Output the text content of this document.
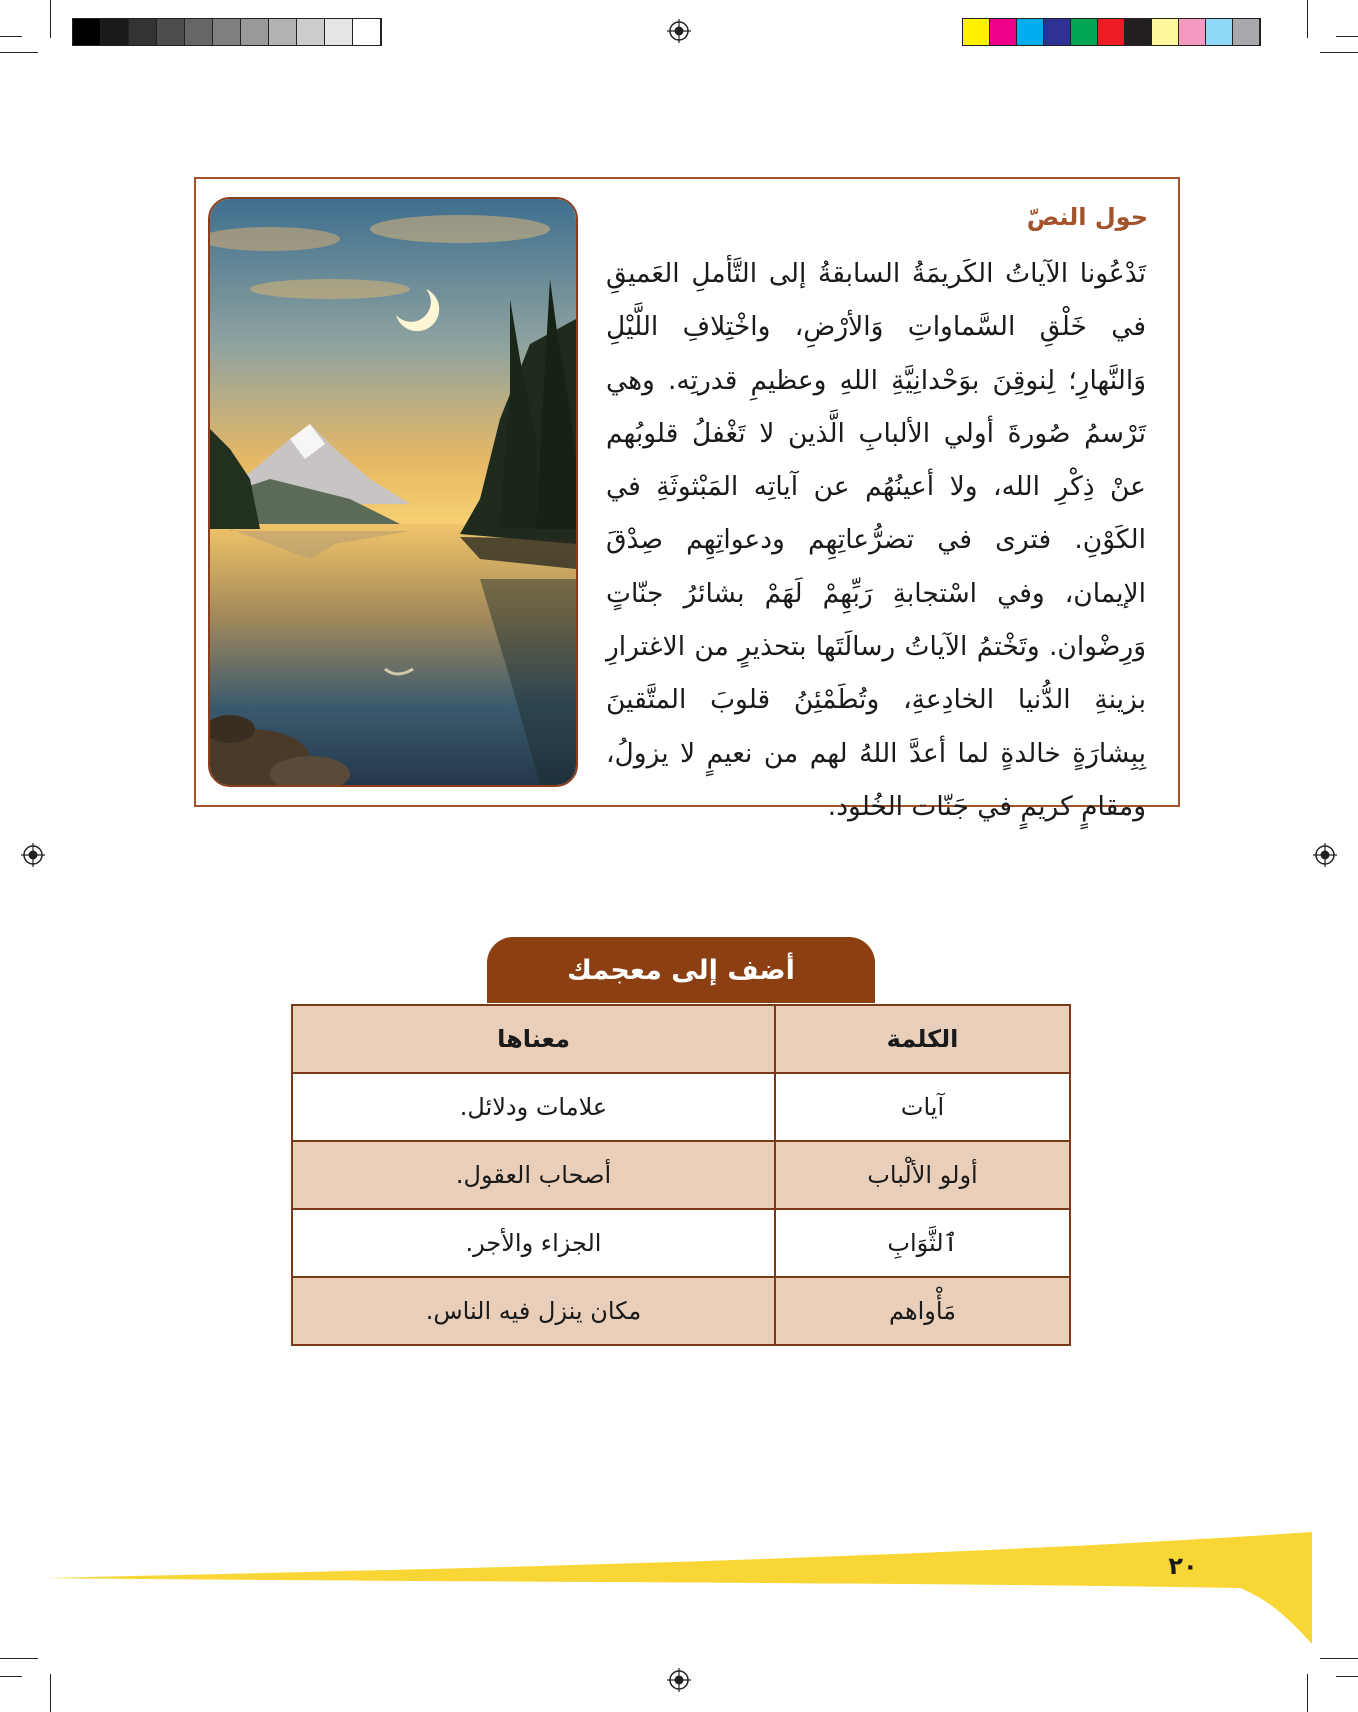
حول النصّ
تَدْعُونا الآياتُ الكَريمَةُ السابقةُ إلى التَّأملِ العَميقِ في خَلْقِ السَّماواتِ وَالأرْضِ، واخْتِلافِ اللَّيْلِ وَالنَّهارِ؛ لِنوقِنَ بوَحْدانِيَّةِ اللهِ وعظيمِ قدرتِه. وهي تَرْسمُ صُورةَ أولي الألبابِ الَّذين لا تَغْفلُ قلوبُهم عنْ ذِكْرِ الله، ولا أعينُهُم عن آياتِه المَبْثوثَةِ في الكَوْنِ. فترى في تضرُّعاتِهِم ودعواتِهِم صِدْقَ الإيمان، وفي اسْتجابةِ رَبِّهِمْ لَهَمْ بشائرُ جنّاتٍ وَرِضْوان. وتَخْتمُ الآياتُ رسالَتَها بتحذيرٍ من الاغترارِ بزينةِ الدُّنيا الخادِعةِ، وتُطَمْئِنُ قلوبَ المتَّقينَ بِبِشارَةٍ خالدةٍ لما أعدَّ اللهُ لهم من نعيمٍ لا يزولُ، ومقامٍ كريمٍ في جَنّات الخُلود.
أضف إلى معجمك
الكلمة	معناها
آيات	علامات ودلائل.
أولو الألْباب	أصحاب العقول.
ٱلثَّوَابِ	الجزاء والأجر.
مَأْواهم	مكان ينزل فيه الناس.
٢٠
